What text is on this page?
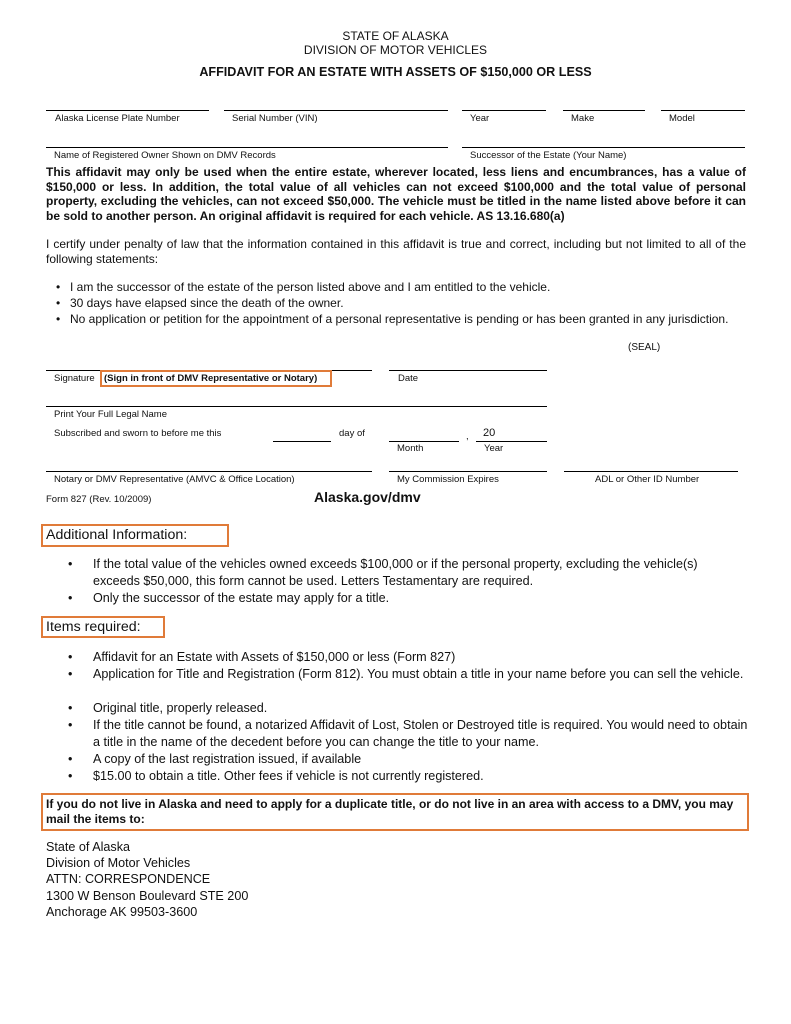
STATE OF ALASKA
DIVISION OF MOTOR VEHICLES
AFFIDAVIT FOR AN ESTATE WITH ASSETS OF $150,000 OR LESS
Alaska License Plate Number	Serial Number (VIN)	Year	Make	Model
Name of Registered Owner Shown on DMV Records	Successor of the Estate (Your Name)
This affidavit may only be used when the entire estate, wherever located, less liens and encumbrances, has a value of $150,000 or less. In addition, the total value of all vehicles can not exceed $100,000 and the total value of personal property, excluding the vehicles, can not exceed $50,000. The vehicle must be titled in the name listed above before it can be sold to another person. An original affidavit is required for each vehicle. AS 13.16.680(a)
I certify under penalty of law that the information contained in this affidavit is true and correct, including but not limited to all of the following statements:
• I am the successor of the estate of the person listed above and I am entitled to the vehicle.
• 30 days have elapsed since the death of the owner.
• No application or petition for the appointment of a personal representative is pending or has been granted in any jurisdiction.
(SEAL)
Signature (Sign in front of DMV Representative or Notary)	Date
Print Your Full Legal Name
Subscribed and sworn to before me this	day of	, 20
Month	Year
Notary or DMV Representative (AMVC & Office Location)	My Commission Expires	ADL or Other ID Number
Form 827 (Rev. 10/2009)	Alaska.gov/dmv
Additional Information:
• If the total value of the vehicles owned exceeds $100,000 or if the personal property, excluding the vehicle(s) exceeds $50,000, this form cannot be used. Letters Testamentary are required.
• Only the successor of the estate may apply for a title.
Items required:
• Affidavit for an Estate with Assets of $150,000 or less (Form 827)
• Application for Title and Registration (Form 812). You must obtain a title in your name before you can sell the vehicle.
• Original title, properly released.
• If the title cannot be found, a notarized Affidavit of Lost, Stolen or Destroyed title is required. You would need to obtain a title in the name of the decedent before you can change the title to your name.
• A copy of the last registration issued, if available
• $15.00 to obtain a title. Other fees if vehicle is not currently registered.
If you do not live in Alaska and need to apply for a duplicate title, or do not live in an area with access to a DMV, you may mail the items to:
State of Alaska
Division of Motor Vehicles
ATTN: CORRESPONDENCE
1300 W Benson Boulevard STE 200
Anchorage AK 99503-3600
